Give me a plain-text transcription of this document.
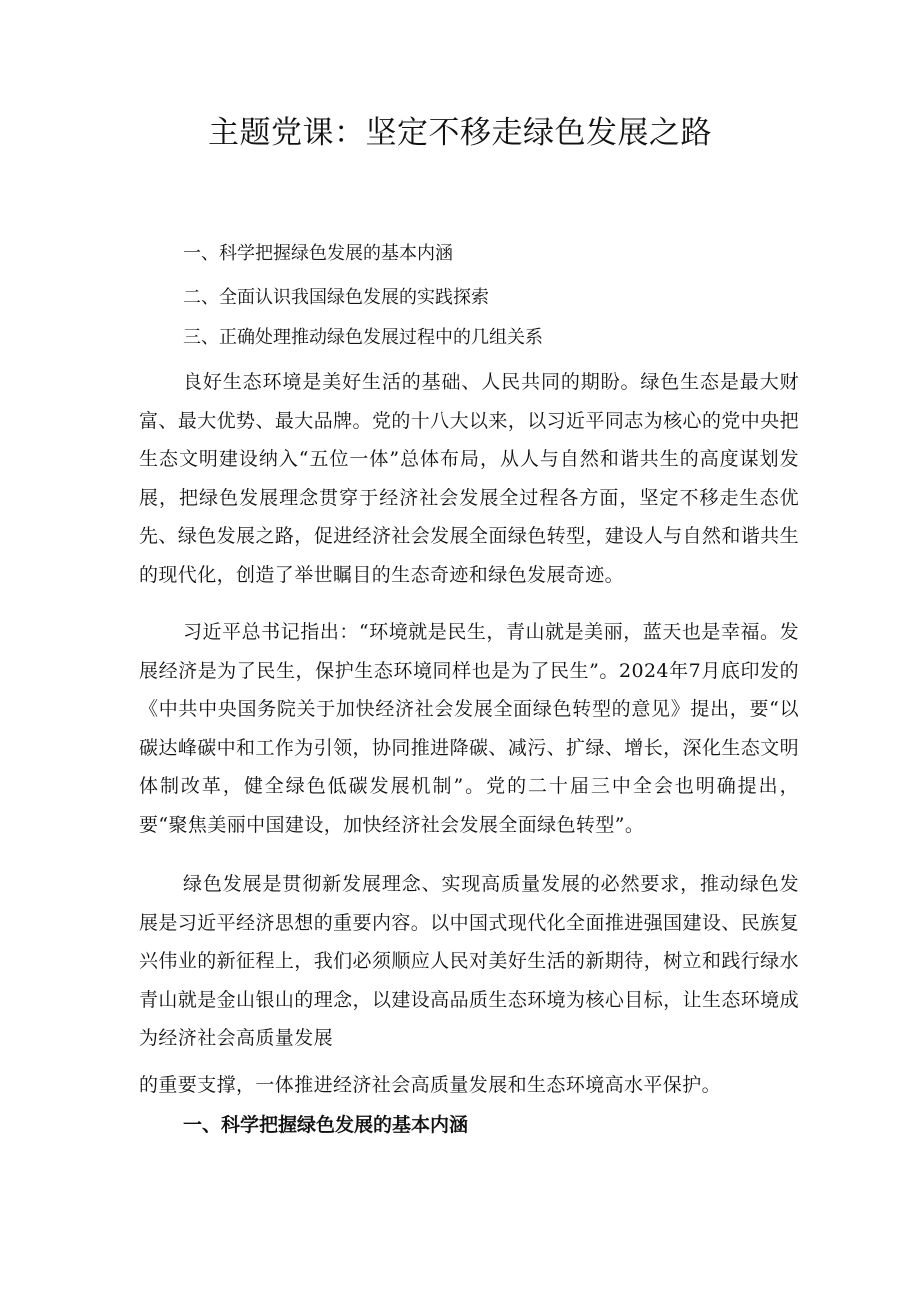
主题党课：坚定不移走绿色发展之路
一、科学把握绿色发展的基本内涵
二、全面认识我国绿色发展的实践探索
三、正确处理推动绿色发展过程中的几组关系

良好生态环境是美好生活的基础、人民共同的期盼。绿色生态是最大财富、最大优势、最大品牌。党的十八大以来，以习近平同志为核心的党中央把生态文明建设纳入“五位一体”总体布局，从人与自然和谐共生的高度谋划发展，把绿色发展理念贯穿于经济社会发展全过程各方面，坚定不移走生态优先、绿色发展之路，促进经济社会发展全面绿色转型，建设人与自然和谐共生的现代化，创造了举世瞩目的生态奇迹和绿色发展奇迹。

习近平总书记指出：“环境就是民生，青山就是美丽，蓝天也是幸福。发展经济是为了民生，保护生态环境同样也是为了民生”。2024年7月底印发的《中共中央国务院关于加快经济社会发展全面绿色转型的意见》提出，要“以碳达峰碳中和工作为引领，协同推进降碳、减污、扩绿、增长，深化生态文明体制改革，健全绿色低碳发展机制”。党的二十届三中全会也明确提出，要“聚焦美丽中国建设，加快经济社会发展全面绿色转型”。

绿色发展是贯彻新发展理念、实现高质量发展的必然要求，推动绿色发展是习近平经济思想的重要内容。以中国式现代化全面推进强国建设、民族复兴伟业的新征程上，我们必须顺应人民对美好生活的新期待，树立和践行绿水青山就是金山银山的理念，以建设高品质生态环境为核心目标，让生态环境成为经济社会高质量发展

的重要支撑，一体推进经济社会高质量发展和生态环境高水平保护。
一、科学把握绿色发展的基本内涵
